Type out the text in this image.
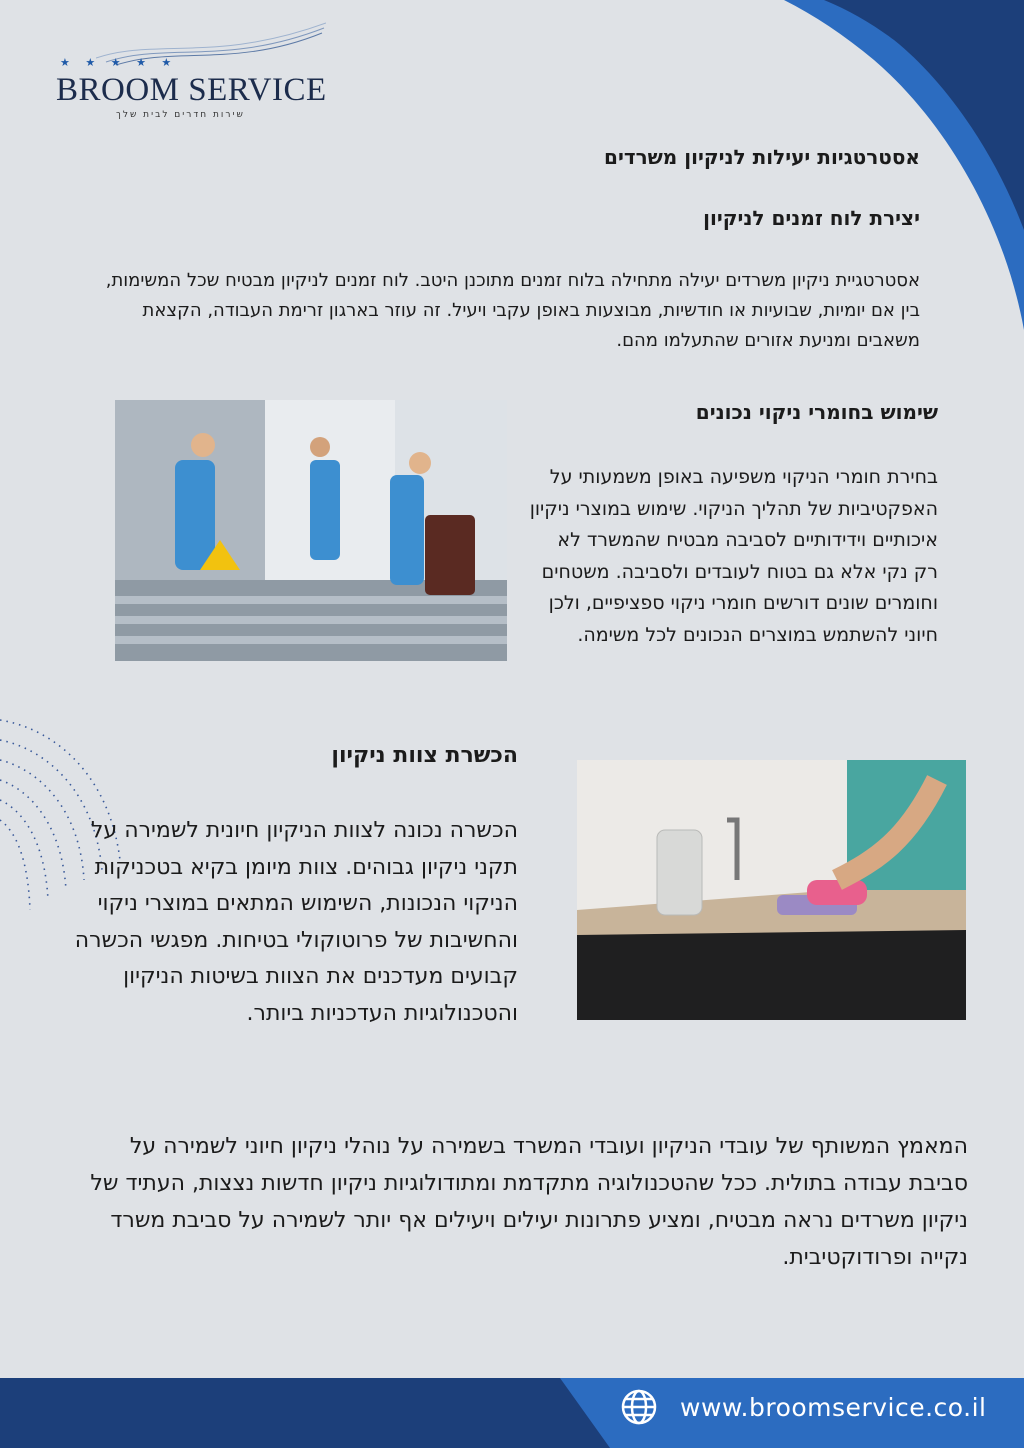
★ ★ ★ ★ ★
BROOM SERVICE
שירות חדרים לבית שלך
אסטרטגיות יעילות לניקיון משרדים
יצירת לוח זמנים לניקיון

אסטרטגיית ניקיון משרדים יעילה מתחילה בלוח זמנים מתוכנן היטב. לוח זמנים לניקיון מבטיח שכל המשימות, בין אם יומיות, שבועיות או חודשיות, מבוצעות באופן עקבי ויעיל. זה עוזר בארגון זרימת העבודה, הקצאת משאבים ומניעת אזורים שהתעלמו מהם.

שימוש בחומרי ניקוי נכונים

בחירת חומרי הניקוי משפיעה באופן משמעותי על האפקטיביות של תהליך הניקוי. שימוש במוצרי ניקיון איכותיים וידידותיים לסביבה מבטיח שהמשרד לא רק נקי אלא גם בטוח לעובדים ולסביבה. משטחים וחומרים שונים דורשים חומרי ניקוי ספציפיים, ולכן חיוני להשתמש במוצרים הנכונים לכל משימה.

הכשרת צוות ניקיון

הכשרה נכונה לצוות הניקיון חיונית לשמירה על תקני ניקיון גבוהים. צוות מיומן בקיא בטכניקות הניקוי הנכונות, השימוש המתאים במוצרי ניקוי והחשיבות של פרוטוקולי בטיחות. מפגשי הכשרה קבועים מעדכנים את הצוות בשיטות הניקיון והטכנולוגיות העדכניות ביותר.

המאמץ המשותף של עובדי הניקיון ועובדי המשרד בשמירה על נוהלי ניקיון חיוני לשמירה על סביבת עבודה בתולית. ככל שהטכנולוגיה מתקדמת ומתודולוגיות ניקיון חדשות נצצות, העתיד של ניקיון משרדים נראה מבטיח, ומציע פתרונות יעילים ויעילים אף יותר לשמירה על סביבת משרד נקייה ופרודוקטיבית.

www.broomservice.co.il
